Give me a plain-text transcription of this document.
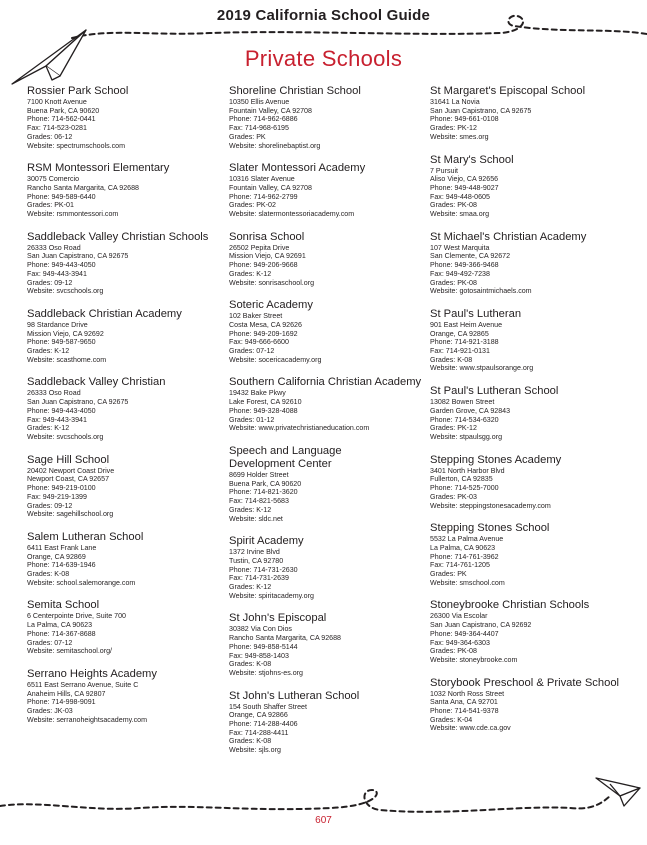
2019 California School Guide
Private Schools
Rossier Park School
7100 Knott Avenue
Buena Park, CA 90620
Phone: 714-562-0441
Fax: 714-523-0281
Grades: 06-12
Website: spectrumschools.com
RSM Montessori Elementary
30075 Comercio
Rancho Santa Margarita, CA 92688
Phone: 949-589-6440
Grades: PK-01
Website: rsmmontessori.com
Saddleback Valley Christian Schools
26333 Oso Road
San Juan Capistrano, CA 92675
Phone: 949-443-4050
Fax: 949-443-3941
Grades: 09-12
Website: svcschools.org
Saddleback Christian Academy
98 Stardance Drive
Mission Viejo, CA 92692
Phone: 949-587-9650
Grades: K-12
Website: scasthome.com
Saddleback Valley Christian
26333 Oso Road
San Juan Capistrano, CA 92675
Phone: 949-443-4050
Fax: 949-443-3941
Grades: K-12
Website: svcschools.org
Sage Hill School
20402 Newport Coast Drive
Newport Coast, CA 92657
Phone: 949-219-0100
Fax: 949-219-1399
Grades: 09-12
Website: sagehillschool.org
Salem Lutheran School
6411 East Frank Lane
Orange, CA 92869
Phone: 714-639-1946
Grades: K-08
Website: school.salemorange.com
Semita School
6 Centerpointe Drive, Suite 700
La Palma, CA 90623
Phone: 714-367-8688
Grades: 07-12
Website: semitaschool.org/
Serrano Heights Academy
6511 East Serrano Avenue, Suite C
Anaheim Hills, CA 92807
Phone: 714-998-9091
Grades: JK-03
Website: serranoheightsacademy.com
Shoreline Christian School
10350 Ellis Avenue
Fountain Valley, CA 92708
Phone: 714-962-6886
Fax: 714-968-6195
Grades: PK
Website: shorelinebaptist.org
Slater Montessori Academy
10316 Slater Avenue
Fountain Valley, CA 92708
Phone: 714-962-2799
Grades: PK-02
Website: slatermontessoriacademy.com
Sonrisa School
26502 Pepita Drive
Mission Viejo, CA 92691
Phone: 949-206-9668
Grades: K-12
Website: sonrisaschool.org
Soteric Academy
102 Baker Street
Costa Mesa, CA 92626
Phone: 949-209-1692
Fax: 949-666-6600
Grades: 07-12
Website: socericacademy.org
Southern California Christian Academy
19432 Bake Pkwy
Lake Forest, CA 92610
Phone: 949-328-4088
Grades: 01-12
Website: www.privatechristianeducation.com
Speech and Language
Development Center
8699 Holder Street
Buena Park, CA 90620
Phone: 714-821-3620
Fax: 714-821-5683
Grades: K-12
Website: sldc.net
Spirit Academy
1372 Irvine Blvd
Tustin, CA 92780
Phone: 714-731-2630
Fax: 714-731-2639
Grades: K-12
Website: spiritacademy.org
St John's Episcopal
30382 Via Con Dios
Rancho Santa Margarita, CA 92688
Phone: 949-858-5144
Fax: 949-858-1403
Grades: K-08
Website: stjohns-es.org
St John's Lutheran School
154 South Shaffer Street
Orange, CA 92866
Phone: 714-288-4406
Fax: 714-288-4411
Grades: K-08
Website: sjls.org
St Margaret's Episcopal School
31641 La Novia
San Juan Capistrano, CA 92675
Phone: 949-661-0108
Grades: PK-12
Website: smes.org
St Mary's School
7 Pursuit
Aliso Viejo, CA 92656
Phone: 949-448-9027
Fax: 949-448-0605
Grades: PK-08
Website: smaa.org
St Michael's Christian Academy
107 West Marquita
San Clemente, CA 92672
Phone: 949-366-9468
Fax: 949-492-7238
Grades: PK-08
Website: gotosaintmichaels.com
St Paul's Lutheran
901 East Heim Avenue
Orange, CA 92865
Phone: 714-921-3188
Fax: 714-921-0131
Grades: K-08
Website: www.stpaulsorange.org
St Paul's Lutheran School
13082 Bowen Street
Garden Grove, CA 92843
Phone: 714-534-6320
Grades: PK-12
Website: stpaulsgg.org
Stepping Stones Academy
3401 North Harbor Blvd
Fullerton, CA 92835
Phone: 714-525-7000
Grades: PK-03
Website: steppingstonesacademy.com
Stepping Stones School
5532 La Palma Avenue
La Palma, CA 90623
Phone: 714-761-3962
Fax: 714-761-1205
Grades: PK
Website: smschool.com
Stoneybrooke Christian Schools
26300 Via Escolar
San Juan Capistrano, CA 92692
Phone: 949-364-4407
Fax: 949-364-6303
Grades: PK-08
Website: stoneybrooke.com
Storybook Preschool & Private School
1032 North Ross Street
Santa Ana, CA 92701
Phone: 714-541-9378
Grades: K-04
Website: www.cde.ca.gov
607
